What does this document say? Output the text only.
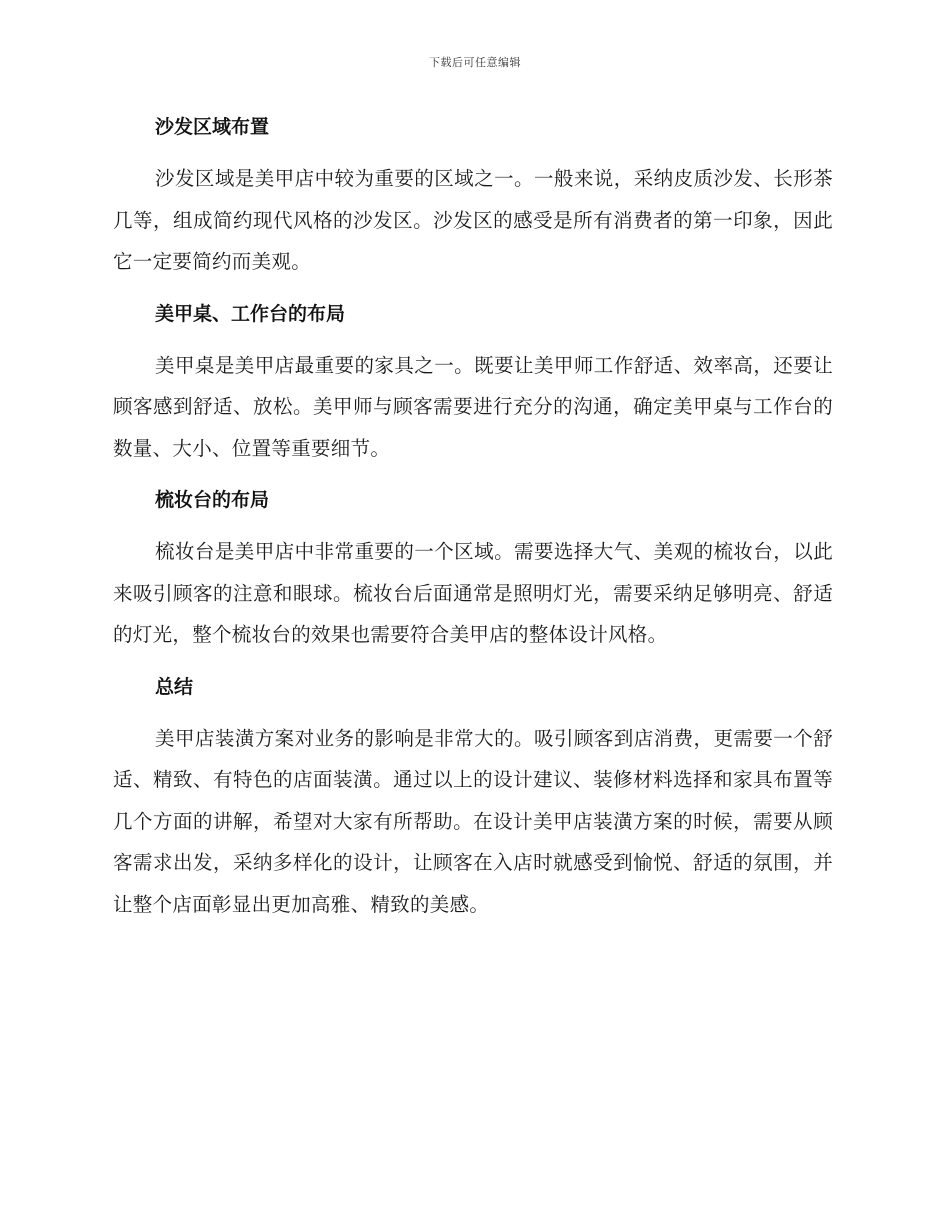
下载后可任意编辑
沙发区域布置

沙发区域是美甲店中较为重要的区域之一。一般来说，采纳皮质沙发、长形茶几等，组成简约现代风格的沙发区。沙发区的感受是所有消费者的第一印象，因此它一定要简约而美观。

美甲桌、工作台的布局

美甲桌是美甲店最重要的家具之一。既要让美甲师工作舒适、效率高，还要让顾客感到舒适、放松。美甲师与顾客需要进行充分的沟通，确定美甲桌与工作台的数量、大小、位置等重要细节。

梳妆台的布局

梳妆台是美甲店中非常重要的一个区域。需要选择大气、美观的梳妆台，以此来吸引顾客的注意和眼球。梳妆台后面通常是照明灯光，需要采纳足够明亮、舒适的灯光，整个梳妆台的效果也需要符合美甲店的整体设计风格。

总结

美甲店装潢方案对业务的影响是非常大的。吸引顾客到店消费，更需要一个舒适、精致、有特色的店面装潢。通过以上的设计建议、装修材料选择和家具布置等几个方面的讲解，希望对大家有所帮助。在设计美甲店装潢方案的时候，需要从顾客需求出发，采纳多样化的设计，让顾客在入店时就感受到愉悦、舒适的氛围，并让整个店面彰显出更加高雅、精致的美感。
